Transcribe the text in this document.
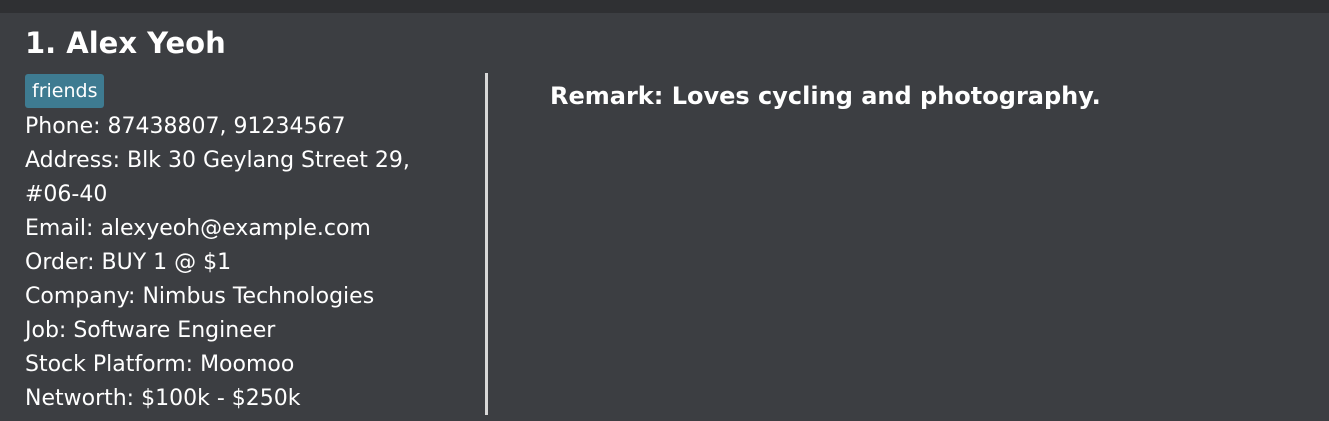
1. Alex Yeoh
friends
Phone: 87438807, 91234567
Address: Blk 30 Geylang Street 29,
#06-40
Email: alexyeoh@example.com
Order: BUY 1 @ $1
Company: Nimbus Technologies
Job: Software Engineer
Stock Platform: Moomoo
Networth: $100k - $250k
Remark: Loves cycling and photography.
